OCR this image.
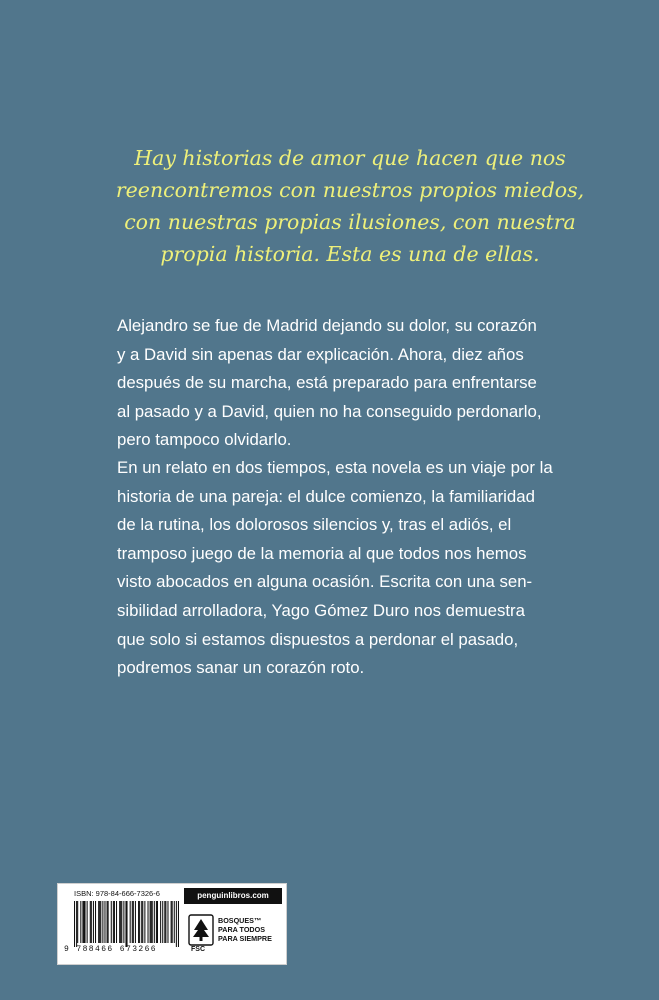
Hay historias de amor que hacen que nos
reencontremos con nuestros propios miedos,
con nuestras propias ilusiones, con nuestra
propia historia. Esta es una de ellas.
Alejandro se fue de Madrid dejando su dolor, su corazón
y a David sin apenas dar explicación. Ahora, diez años
después de su marcha, está preparado para enfrentarse
al pasado y a David, quien no ha conseguido perdonarlo,
pero tampoco olvidarlo.
En un relato en dos tiempos, esta novela es un viaje por la
historia de una pareja: el dulce comienzo, la familiaridad
de la rutina, los dolorosos silencios y, tras el adiós, el
tramposo juego de la memoria al que todos nos hemos
visto abocados en alguna ocasión. Escrita con una sen-
sibilidad arrolladora, Yago Gómez Duro nos demuestra
que solo si estamos dispuestos a perdonar el pasado,
podremos sanar un corazón roto.
ISBN: 978-84-666-7326-6
9 788466 673266
penguinlibros.com
FSC
BOSQUES™
PARA TODOS
PARA SIEMPRE
